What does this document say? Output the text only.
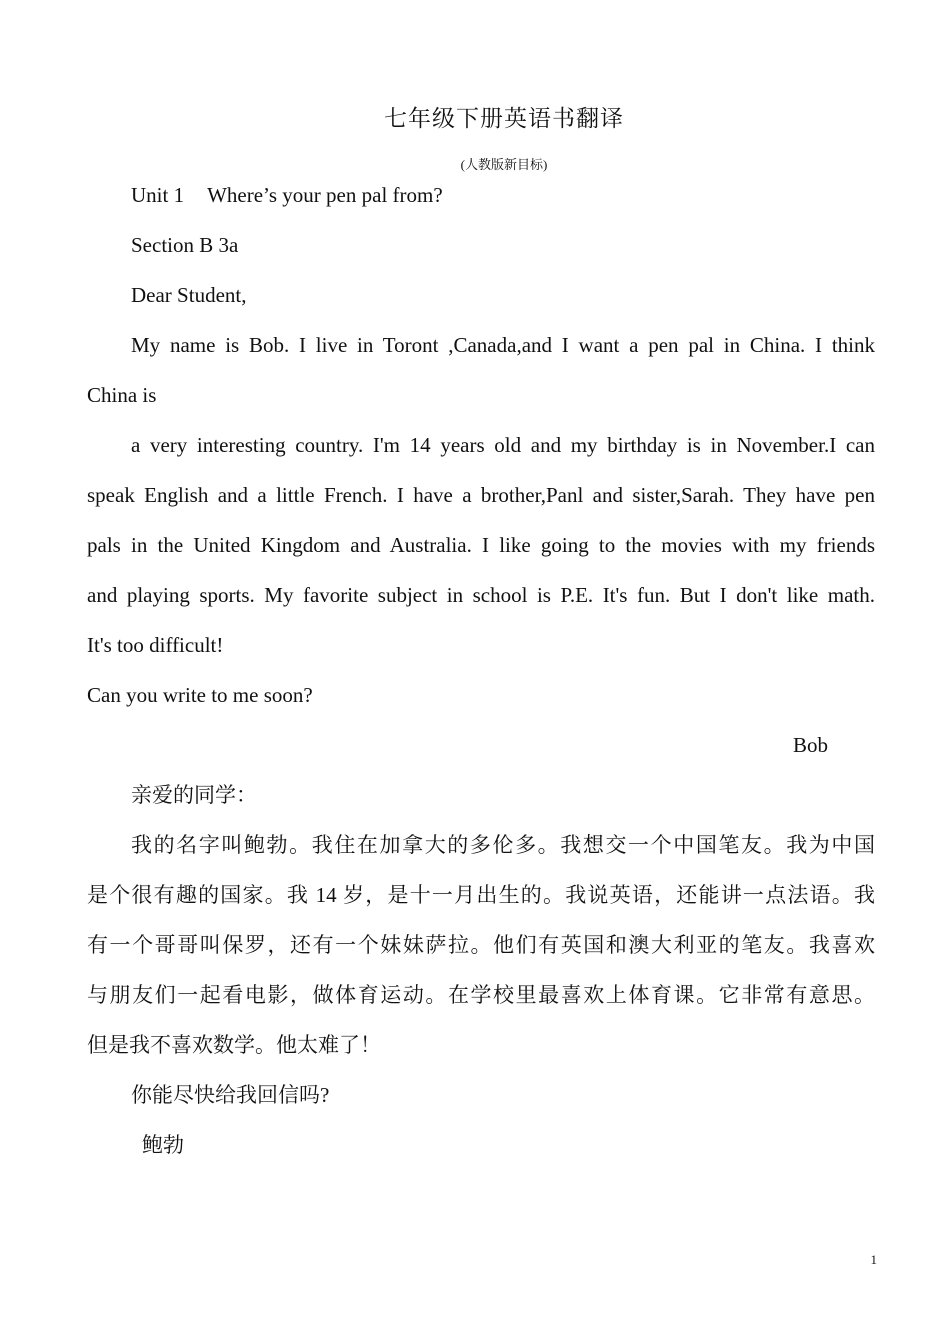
七年级下册英语书翻译
(人教版新目标)
Unit 1 Where’s your pen pal from?
Section B 3a
Dear Student,
My name is Bob. I live in Toront ,Canada,and I want a pen pal in China. I think
China is
a very interesting country. I'm 14 years old and my birthday is in November.I can
speak English and a little French. I have a brother,Panl and sister,Sarah. They have pen
pals in the United Kingdom and Australia. I like going to the movies with my friends
and playing sports. My favorite subject in school is P.E. It's fun. But I don't like math.
It's too difficult!
Can you write to me soon?
Bob
亲爱的同学：
我的名字叫鲍勃。我住在加拿大的多伦多。我想交一个中国笔友。我为中国
是个很有趣的国家。我 14 岁，是十一月出生的。我说英语，还能讲一点法语。我
有一个哥哥叫保罗，还有一个妹妹萨拉。他们有英国和澳大利亚的笔友。我喜欢
与朋友们一起看电影，做体育运动。在学校里最喜欢上体育课。它非常有意思。
但是我不喜欢数学。他太难了！
你能尽快给我回信吗?
鲍勃
1
